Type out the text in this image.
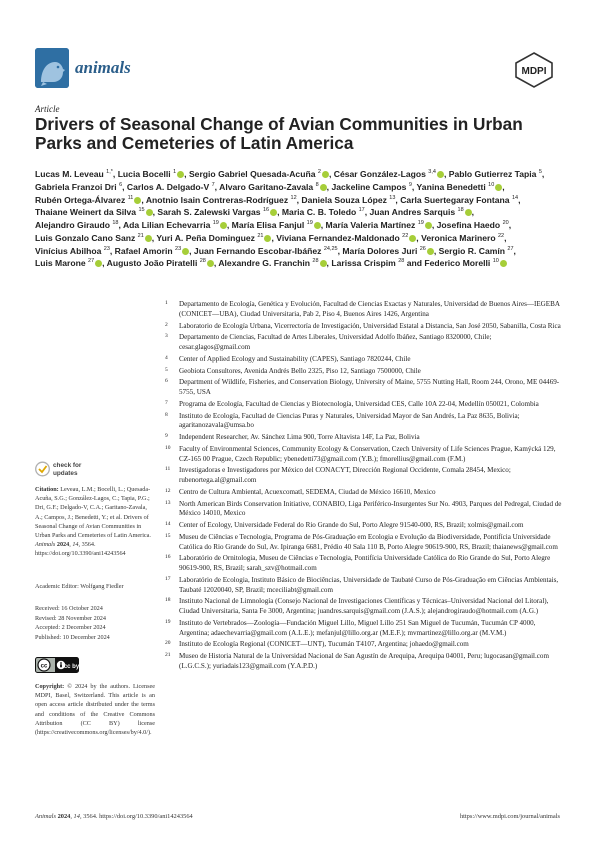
animals	MDPI
Article
Drivers of Seasonal Change of Avian Communities in Urban Parks and Cemeteries of Latin America
Lucas M. Leveau $^{1,*}$, Lucia Bocelli $^1$ , Sergio Gabriel Quesada-Acuña $^2$ , César González-Lagos $^{3,4}$ , Pablo Gutierrez Tapia $^5$, Gabriela Franzoi Dri $^6$, Carlos A. Delgado-V $^7$, Alvaro Garitano-Zavala $^8$ , Jackeline Campos $^9$, Yanina Benedetti $^{10}$ , Rubén Ortega-Álvarez $^{11}$ , Anotnio Isain Contreras-Rodríguez $^{12}$, Daniela Souza López $^{13}$, Carla Suertegaray Fontana $^{14}$, Thaiane Weinert da Silva $^{15}$ , Sarah S. Zalewski Vargas $^{16}$ , Maria C. B. Toledo $^{17}$, Juan Andres Sarquis $^{18}$ , Alejandro Giraudo $^{18}$, Ada Lilian Echevarria $^{19}$ , María Elisa Fanjul $^{19}$ , María Valeria Martínez $^{19}$ , Josefina Haedo $^{20}$, Luis Gonzalo Cano Sanz $^{21}$ , Yuri A. Peña Dominguez $^{21}$ , Viviana Fernandez-Maldonado $^{22}$ , Veronica Marinero $^{22}$, Vinícius Abilhoa $^{23}$, Rafael Amorin $^{23}$ , Juan Fernando Escobar-Ibáñez $^{24,25}$, María Dolores Juri $^{26}$ , Sergio R. Camín $^{27}$, Luis Marone $^{27}$ , Augusto João Piratelli $^{28}$ , Alexandre G. Franchin $^{28}$ , Larissa Crispim $^{28}$ and Federico Morelli $^{10}$
1 Departamento de Ecología, Genética y Evolución, Facultad de Ciencias Exactas y Naturales, Universidad de Buenos Aires—IEGEBA (CONICET—UBA), Ciudad Universitaria, Pab 2, Piso 4, Buenos Aires 1426, Argentina
2 Laboratorio de Ecología Urbana, Vicerrectoría de Investigación, Universidad Estatal a Distancia, San José 2050, Sabanilla, Costa Rica
3 Departamento de Ciencias, Facultad de Artes Liberales, Universidad Adolfo Ibáñez, Santiago 8320000, Chile; cesar.glagos@gmail.com
4 Center of Applied Ecology and Sustainability (CAPES), Santiago 7820244, Chile
5 Geobiota Consultores, Avenida Andrés Bello 2325, Piso 12, Santiago 7500000, Chile
6 Department of Wildlife, Fisheries, and Conservation Biology, University of Maine, 5755 Nutting Hall, Room 244, Orono, ME 04469-5755, USA
7 Programa de Ecología, Facultad de Ciencias y Biotecnología, Universidad CES, Calle 10A 22-04, Medellín 050021, Colombia
8 Instituto de Ecología, Facultad de Ciencias Puras y Naturales, Universidad Mayor de San Andrés, La Paz 8635, Bolivia; agaritanozavala@umsa.bo
9 Independent Researcher, Av. Sánchez Lima 900, Torre Altavista 14F, La Paz, Bolivia
10 Faculty of Environmental Sciences, Community Ecology & Conservation, Czech University of Life Sciences Prague, Kamýcká 129, CZ-165 00 Prague, Czech Republic; ybenedetti73@gmail.com (Y.B.); fmorellius@gmail.com (F.M.)
11 Investigadoras e Investigadores por México del CONACYT, Dirección Regional Occidente, Comala 28454, Mexico; rubenortega.al@gmail.com
12 Centro de Cultura Ambiental, Acuexcomatl, SEDEMA, Ciudad de México 16610, Mexico
13 North American Birds Conservation Initiative, CONABIO, Liga Periférico-Insurgentes Sur No. 4903, Parques del Pedregal, Ciudad de México 14010, Mexico
14 Center of Ecology, Universidade Federal do Rio Grande do Sul, Porto Alegre 91540-000, RS, Brazil; xolmis@gmail.com
15 Museu de Ciências e Tecnologia, Programa de Pós-Graduação em Ecologia e Evolução da Biodiversidade, Pontifícia Universidade Católica do Rio Grande do Sul, Av. Ipiranga 6681, Prédio 40 Sala 110 B, Porto Alegre 90619-900, RS, Brazil; thaianews@gmail.com
16 Laboratório de Ornitologia, Museu de Ciências e Tecnologia, Pontifícia Universidade Católica do Rio Grande do Sul, Porto Alegre 90619-900, RS, Brazil; sarah_szv@hotmail.com
17 Laboratório de Ecologia, Instituto Básico de Biociências, Universidade de Taubaté Curso de Pós-Graduação em Ciências Ambientais, Taubaté 12020040, SP, Brazil; mceciliabt@gmail.com
18 Instituto Nacional de Limnología (Consejo Nacional de Investigaciones Científicas y Técnicas–Universidad Nacional del Litoral), Ciudad Universitaria, Santa Fe 3000, Argentina; juandres.sarquis@gmail.com (J.A.S.); alejandrogiraudo@hotmail.com (A.G.)
19 Instituto de Vertebrados—Zoología—Fundación Miguel Lillo, Miguel Lillo 251 San Miguel de Tucumán, Tucumán CP 4000, Argentina; adaechevarria@gmail.com (A.L.E.); mefanjul@lillo.org.ar (M.E.F.); mvmartinez@lillo.org.ar (M.V.M.)
20 Instituto de Ecología Regional (CONICET—UNT), Tucumán T4107, Argentina; johaedo@gmail.com
21 Museo de Historia Natural de la Universidad Nacional de San Agustín de Arequipa, Arequipa 04001, Peru; lugocasan@gmail.com (L.G.C.S.); yuriadais123@gmail.com (Y.A.P.D.)
check for
updates
Citation: Leveau, L.M.; Bocelli, L.; Quesada-Acuña, S.G.; González-Lagos, C.; Tapia, P.G.; Dri, G.F.; Delgado-V, C.A.; Garitano-Zavala, A.; Campos, J.; Benedetti, Y.; et al. Drivers of Seasonal Change of Avian Communities in Urban Parks and Cemeteries of Latin America. Animals 2024, 14, 3564. https://doi.org/10.3390/ani14243564
Academic Editor: Wolfgang Fiedler
Received: 16 October 2024
Revised: 28 November 2024
Accepted: 2 December 2024
Published: 10 December 2024
cc	cc by
Copyright: © 2024 by the authors. Licensee MDPI, Basel, Switzerland. This article is an open access article distributed under the terms and conditions of the Creative Commons Attribution (CC BY) license (https://creativecommons.org/licenses/by/4.0/).
Animals 2024, 14, 3564. https://doi.org/10.3390/ani14243564	https://www.mdpi.com/journal/animals
